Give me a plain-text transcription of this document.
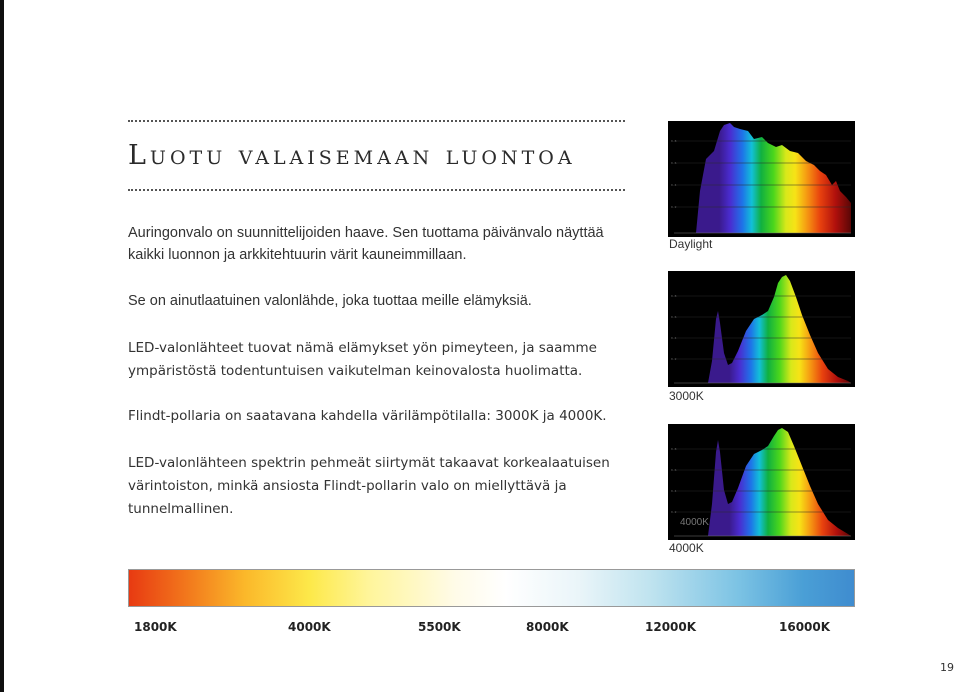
Luotu valaisemaan luontoa
Auringonvalo on suunnittelijoiden haave. Sen tuottama päivänvalo näyttää kaikki luonnon ja arkkitehtuurin värit kauneimmillaan.
Se on ainutlaatuinen valonlähde, joka tuottaa meille elämyksiä.
LED-valonlähteet tuovat nämä elämykset yön pimeyteen, ja saamme ympäristöstä todentuntuisen vaikutelman keinovalosta huolimatta.
Flindt-pollaria on saatavana kahdella värilämpötilalla: 3000K ja 4000K.
LED-valonlähteen spektrin pehmeät siirtymät takaavat korkealaatuisen värintoiston, minkä ansiosta Flindt-pollarin valo on miellyttävä ja tunnelmallinen.
0.8
0.6
0.4
0.2
Daylight
0.8
0.6
0.4
0.2
3000K
0.8
0.6
0.4
0.2
4000K
4000K
1800K	4000K	5500K	8000K	12000K	16000K
19
